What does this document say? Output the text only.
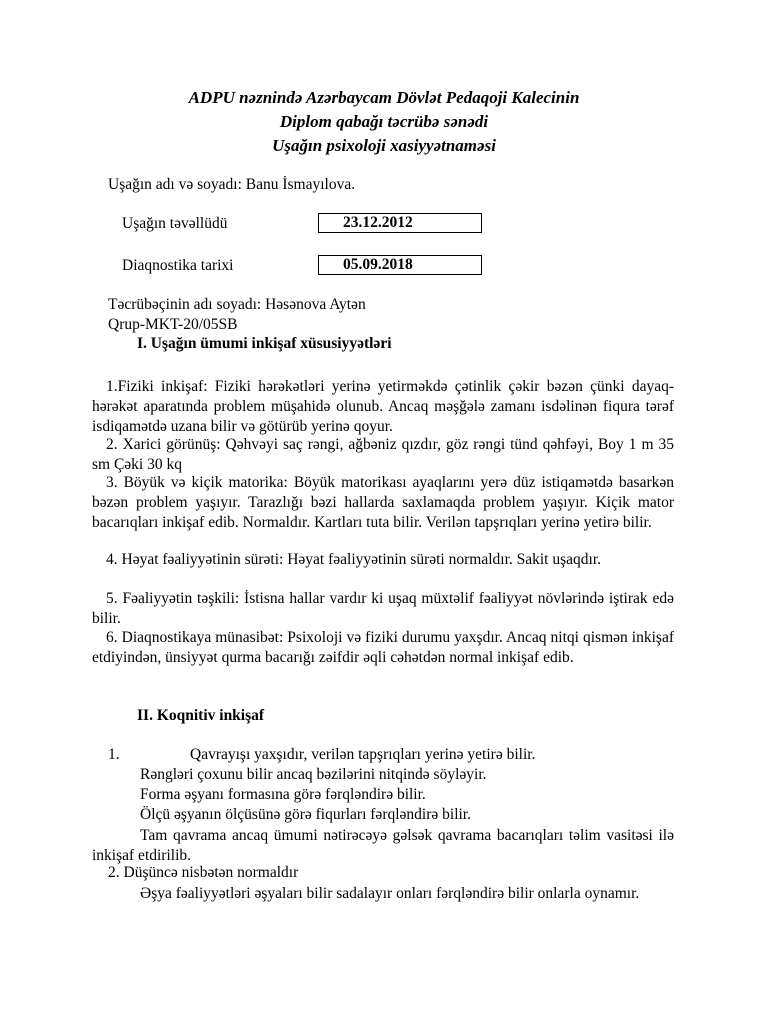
ADPU nəznində Azərbaycam Dövlət Pedaqoji Kalecinin
Diplom qabağı təcrübə sənədi
Uşağın psixoloji xasiyyətnaməsi
Uşağın adı və soyadı: Banu İsmayılova.
Uşağın təvəllüdü	23.12.2012
Diaqnostika tarixi	05.09.2018
Təcrübəçinin adı soyadı: Həsənova Aytən
Qrup-MKT-20/05SB
I. Uşağın ümumi inkişaf xüsusiyyətləri
1.Fiziki inkişaf: Fiziki hərəkətləri yerinə yetirməkdə çətinlik çəkir bəzən çünki dayaq-hərəkət aparatında problem müşahidə olunub. Ancaq məşğələ zamanı isdəlinən fiqura tərəf isdiqamətdə uzana bilir və götürüb yerinə qoyur.
2. Xarici görünüş: Qəhvəyi saç rəngi, ağbəniz qızdır, göz rəngi tünd qəhfəyi, Boy 1 m 35 sm Çəki 30 kq
3. Böyük və kiçik matorika: Böyük matorikası ayaqlarını yerə düz istiqamətdə basarkən bəzən problem yaşıyır. Tarazlığı bəzi hallarda saxlamaqda problem yaşıyır. Kiçik mator bacarıqları inkişaf edib. Normaldır. Kartları tuta bilir. Verilən tapşrıqları yerinə yetirə bilir.
4. Həyat fəaliyyətinin sürəti: Həyat fəaliyyətinin sürəti normaldır. Sakit uşaqdır.
5. Fəaliyyətin təşkili: İstisna hallar vardır ki uşaq müxtəlif fəaliyyət növlərində iştirak edə bilir.
6. Diaqnostikaya münasibət: Psixoloji və fiziki durumu yaxşdır. Ancaq nitqi qismən inkişaf etdiyindən, ünsiyyət qurma bacarığı zəifdir əqli cəhətdən normal inkişaf edib.
II. Koqnitiv inkişaf
1.	Qavrayışı yaxşıdır, verilən tapşrıqları yerinə yetirə bilir.
Rəngləri çoxunu bilir ancaq bəzilərini nitqində söyləyir.
Forma əşyanı formasına görə fərqləndirə bilir.
Ölçü əşyanın ölçüsünə görə fiqurları fərqləndirə bilir.
Tam qavrama ancaq ümumi nətirəcəyə gəlsək qavrama bacarıqları təlim vasitəsi ilə inkişaf etdirilib.
2. Düşüncə nisbətən normaldır
Əşya fəaliyyətləri əşyaları bilir sadalayır onları fərqləndirə bilir onlarla oynamır.
